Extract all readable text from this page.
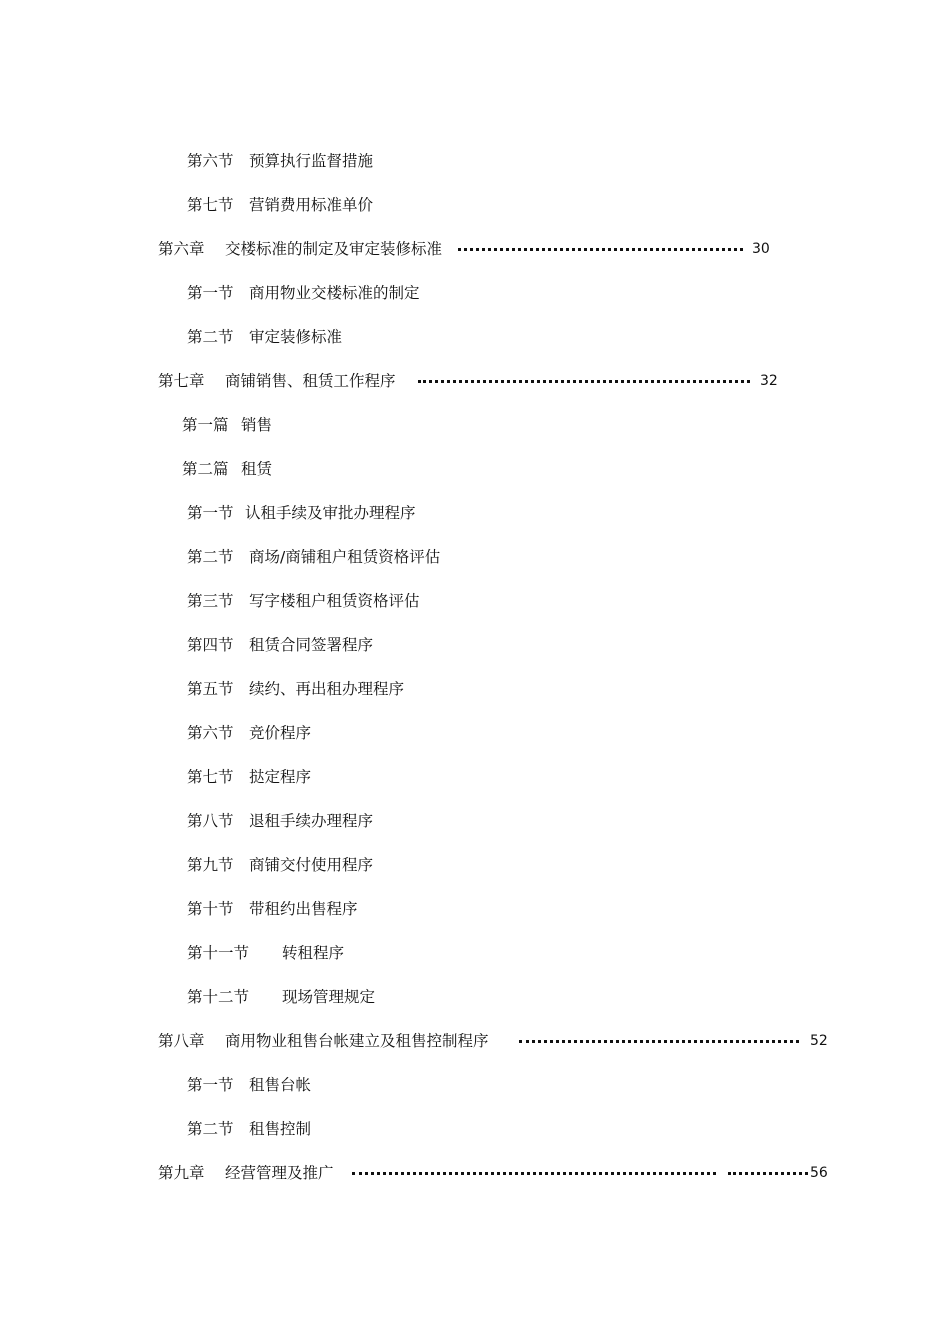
第六节 预算执行监督措施
第七节 营销费用标准单价
第六章 交楼标准的制定及审定装修标准	30
第一节 商用物业交楼标准的制定
第二节 审定装修标准
第七章 商铺销售、租赁工作程序	32
第一篇 销售
第二篇 租赁
第一节 认租手续及审批办理程序
第二节 商场/商铺租户租赁资格评估
第三节 写字楼租户租赁资格评估
第四节 租赁合同签署程序
第五节 续约、再出租办理程序
第六节 竞价程序
第七节 挞定程序
第八节 退租手续办理程序
第九节 商铺交付使用程序
第十节 带租约出售程序
第十一节 转租程序
第十二节 现场管理规定
第八章 商用物业租售台帐建立及租售控制程序	52
第一节 租售台帐
第二节 租售控制
第九章 经营管理及推广	56
